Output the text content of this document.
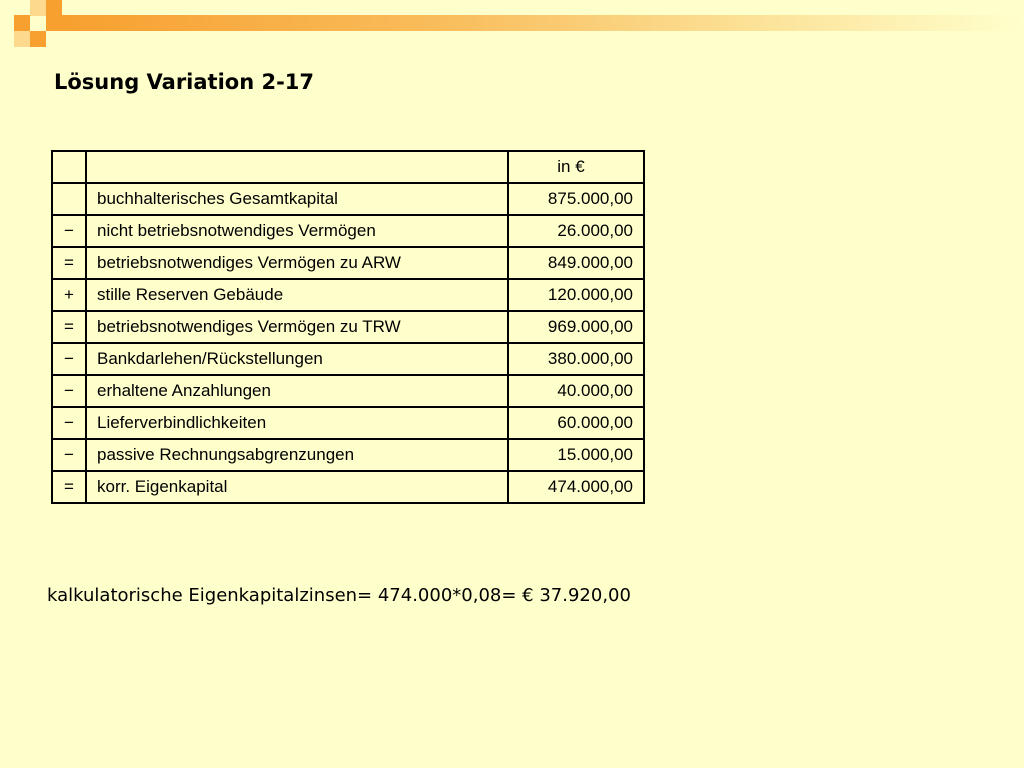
Lösung Variation 2-17
		in €
	buchhalterisches Gesamtkapital	875.000,00
−	nicht betriebsnotwendiges Vermögen	26.000,00
=	betriebsnotwendiges Vermögen zu ARW	849.000,00
+	stille Reserven Gebäude	120.000,00
=	betriebsnotwendiges Vermögen zu TRW	969.000,00
−	Bankdarlehen/Rückstellungen	380.000,00
−	erhaltene Anzahlungen	40.000,00
−	Lieferverbindlichkeiten	60.000,00
−	passive Rechnungsabgrenzungen	15.000,00
=	korr. Eigenkapital	474.000,00
kalkulatorische Eigenkapitalzinsen= 474.000*0,08= € 37.920,00
